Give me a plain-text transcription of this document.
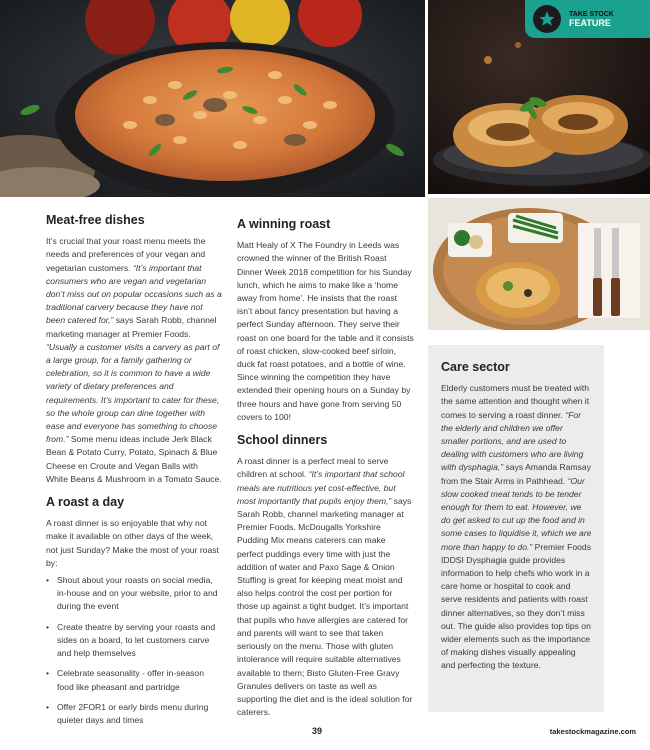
TAKE STOCK
FEATURE
Meat-free dishes

It’s crucial that your roast menu meets the needs and preferences of your vegan and vegetarian customers. “It’s important that consumers who are vegan and vegetarian don’t miss out on popular occasions such as a traditional carvery because they have not been catered for,” says Sarah Robb, channel marketing manager at Premier Foods. “Usually a customer visits a carvery as part of a large group, for a family gathering or celebration, so it is common to have a wide variety of dietary preferences and requirements. It’s important to cater for these, so the whole group can dine together with ease and everyone has something to choose from.” Some menu ideas include Jerk Black Bean & Potato Curry, Potato, Spinach & Blue Cheese en Croute and Vegan Balls with White Beans & Mushroom in a Tomato Sauce.

A roast a day

A roast dinner is so enjoyable that why not make it available on other days of the week, not just Sunday? Make the most of your roast by:

• Shout about your roasts on social media, in-house and on your website, prior to and during the event
• Create theatre by serving your roasts and sides on a board, to let customers carve and help themselves
• Celebrate seasonality - offer in-season food like pheasant and partridge
• Offer 2FOR1 or early birds menu during quieter days and times
A winning roast

Matt Healy of X The Foundry in Leeds was crowned the winner of the British Roast Dinner Week 2018 competition for his Sunday lunch, which he aims to make like a ‘home away from home’. He insists that the roast isn’t about fancy presentation but having a perfect Sunday afternoon. They serve their roast on one board for the table and it consists of roast chicken, slow-cooked beef sirloin, duck fat roast potatoes, and a bottle of wine. Since winning the competition they have extended their opening hours on a Sunday by three hours and have gone from serving 50 covers to 100!

School dinners

A roast dinner is a perfect meal to serve children at school. “It’s important that school meals are nutritious yet cost-effective, but most importantly that pupils enjoy them,” says Sarah Robb, channel marketing manager at Premier Foods. McDougalls Yorkshire Pudding Mix means caterers can make perfect puddings every time with just the addition of water and Paxo Sage & Onion Stuffing is great for keeping meat moist and also helps control the cost per portion for those up against a tight budget. It’s important that pupils who have allergies are catered for and parents will want to see that taken seriously on the menu. Those with gluten intolerance will require suitable alternatives available to them; Bisto Gluten-Free Gravy Granules delivers on taste as well as supporting the diet and is the ideal solution for caterers.

Care sector

Elderly customers must be treated with the same attention and thought when it comes to serving a roast dinner. “For the elderly and children we offer smaller portions, and are used to dealing with customers who are living with dysphagia,” says Amanda Ramsay from the Stair Arms in Pathhead. “Our slow cooked meat tends to be tender enough for them to eat. However, we do get asked to cut up the food and in some cases to liquidise it, which we are more than happy to do.” Premier Foods IDDSI Dysphagia guide provides information to help chefs who work in a care home or hospital to cook and serve residents and patients with roast dinner alternatives, so they don’t miss out. The guide also provides top tips on wider elements such as the importance of making dishes visually appealing and perfecting the texture.

39	takestockmagazine.com
